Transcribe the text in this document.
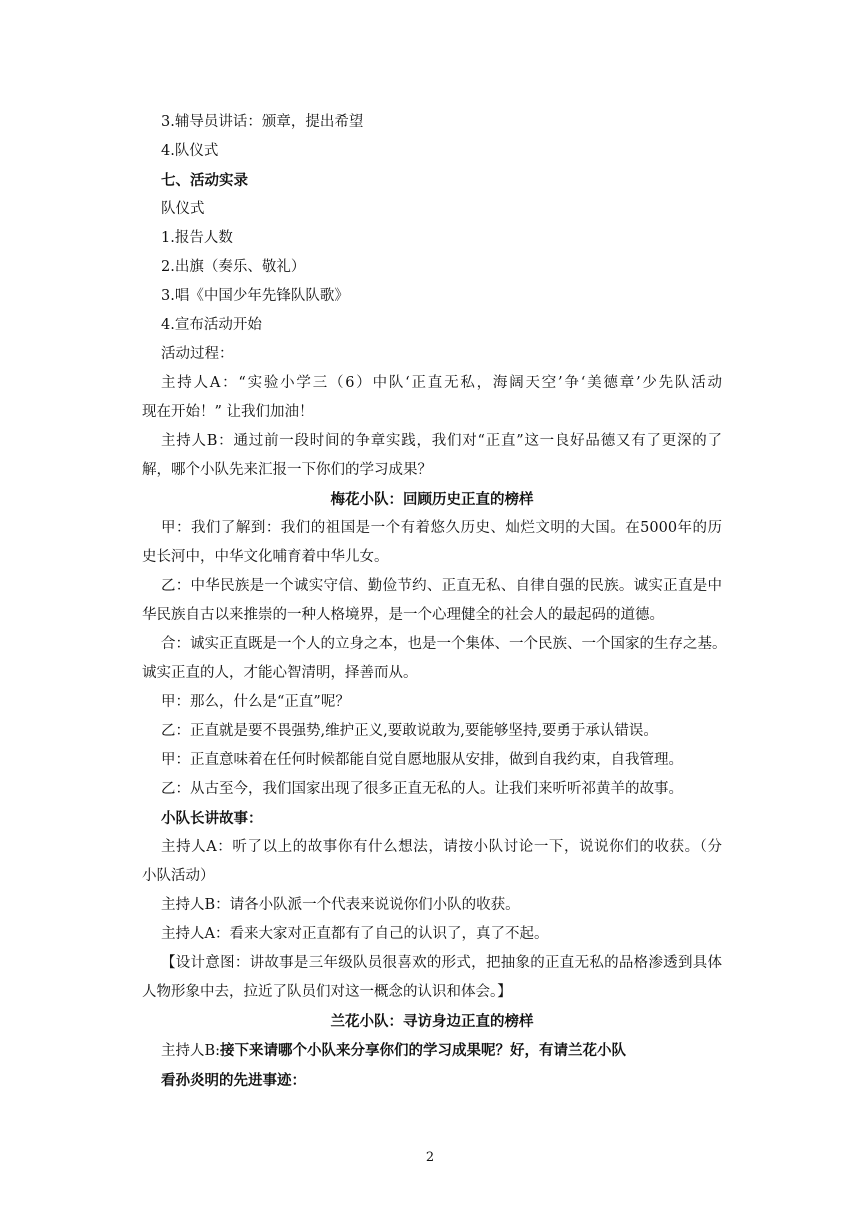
3.辅导员讲话：颁章，提出希望

4.队仪式

七、活动实录

队仪式

1.报告人数

2.出旗（奏乐、敬礼）

3.唱《中国少年先锋队队歌》

4.宣布活动开始

活动过程：

主持人A：“实验小学三（6）中队‘正直无私，海阔天空’争‘美德章’少先队活动

现在开始！” 让我们加油！

主持人B：通过前一段时间的争章实践，我们对“正直”这一良好品德又有了更深的了

解，哪个小队先来汇报一下你们的学习成果？

梅花小队：回顾历史正直的榜样

甲：我们了解到：我们的祖国是一个有着悠久历史、灿烂文明的大国。在5000年的历

史长河中，中华文化哺育着中华儿女。

乙：中华民族是一个诚实守信、勤俭节约、正直无私、自律自强的民族。诚实正直是中

华民族自古以来推崇的一种人格境界，是一个心理健全的社会人的最起码的道德。

合：诚实正直既是一个人的立身之本，也是一个集体、一个民族、一个国家的生存之基。

诚实正直的人，才能心智清明，择善而从。

甲：那么，什么是“正直”呢？

乙：正直就是要不畏强势,维护正义,要敢说敢为,要能够坚持,要勇于承认错误。

甲：正直意味着在任何时候都能自觉自愿地服从安排，做到自我约束，自我管理。

乙：从古至今，我们国家出现了很多正直无私的人。让我们来听听祁黄羊的故事。

小队长讲故事：

主持人A：听了以上的故事你有什么想法，请按小队讨论一下，说说你们的收获。（分

小队活动）

主持人B：请各小队派一个代表来说说你们小队的收获。

主持人A：看来大家对正直都有了自己的认识了，真了不起。

【设计意图：讲故事是三年级队员很喜欢的形式，把抽象的正直无私的品格渗透到具体

人物形象中去，拉近了队员们对这一概念的认识和体会。】

兰花小队：寻访身边正直的榜样

主持人B:接下来请哪个小队来分享你们的学习成果呢？好，有请兰花小队

看孙炎明的先进事迹：

2
